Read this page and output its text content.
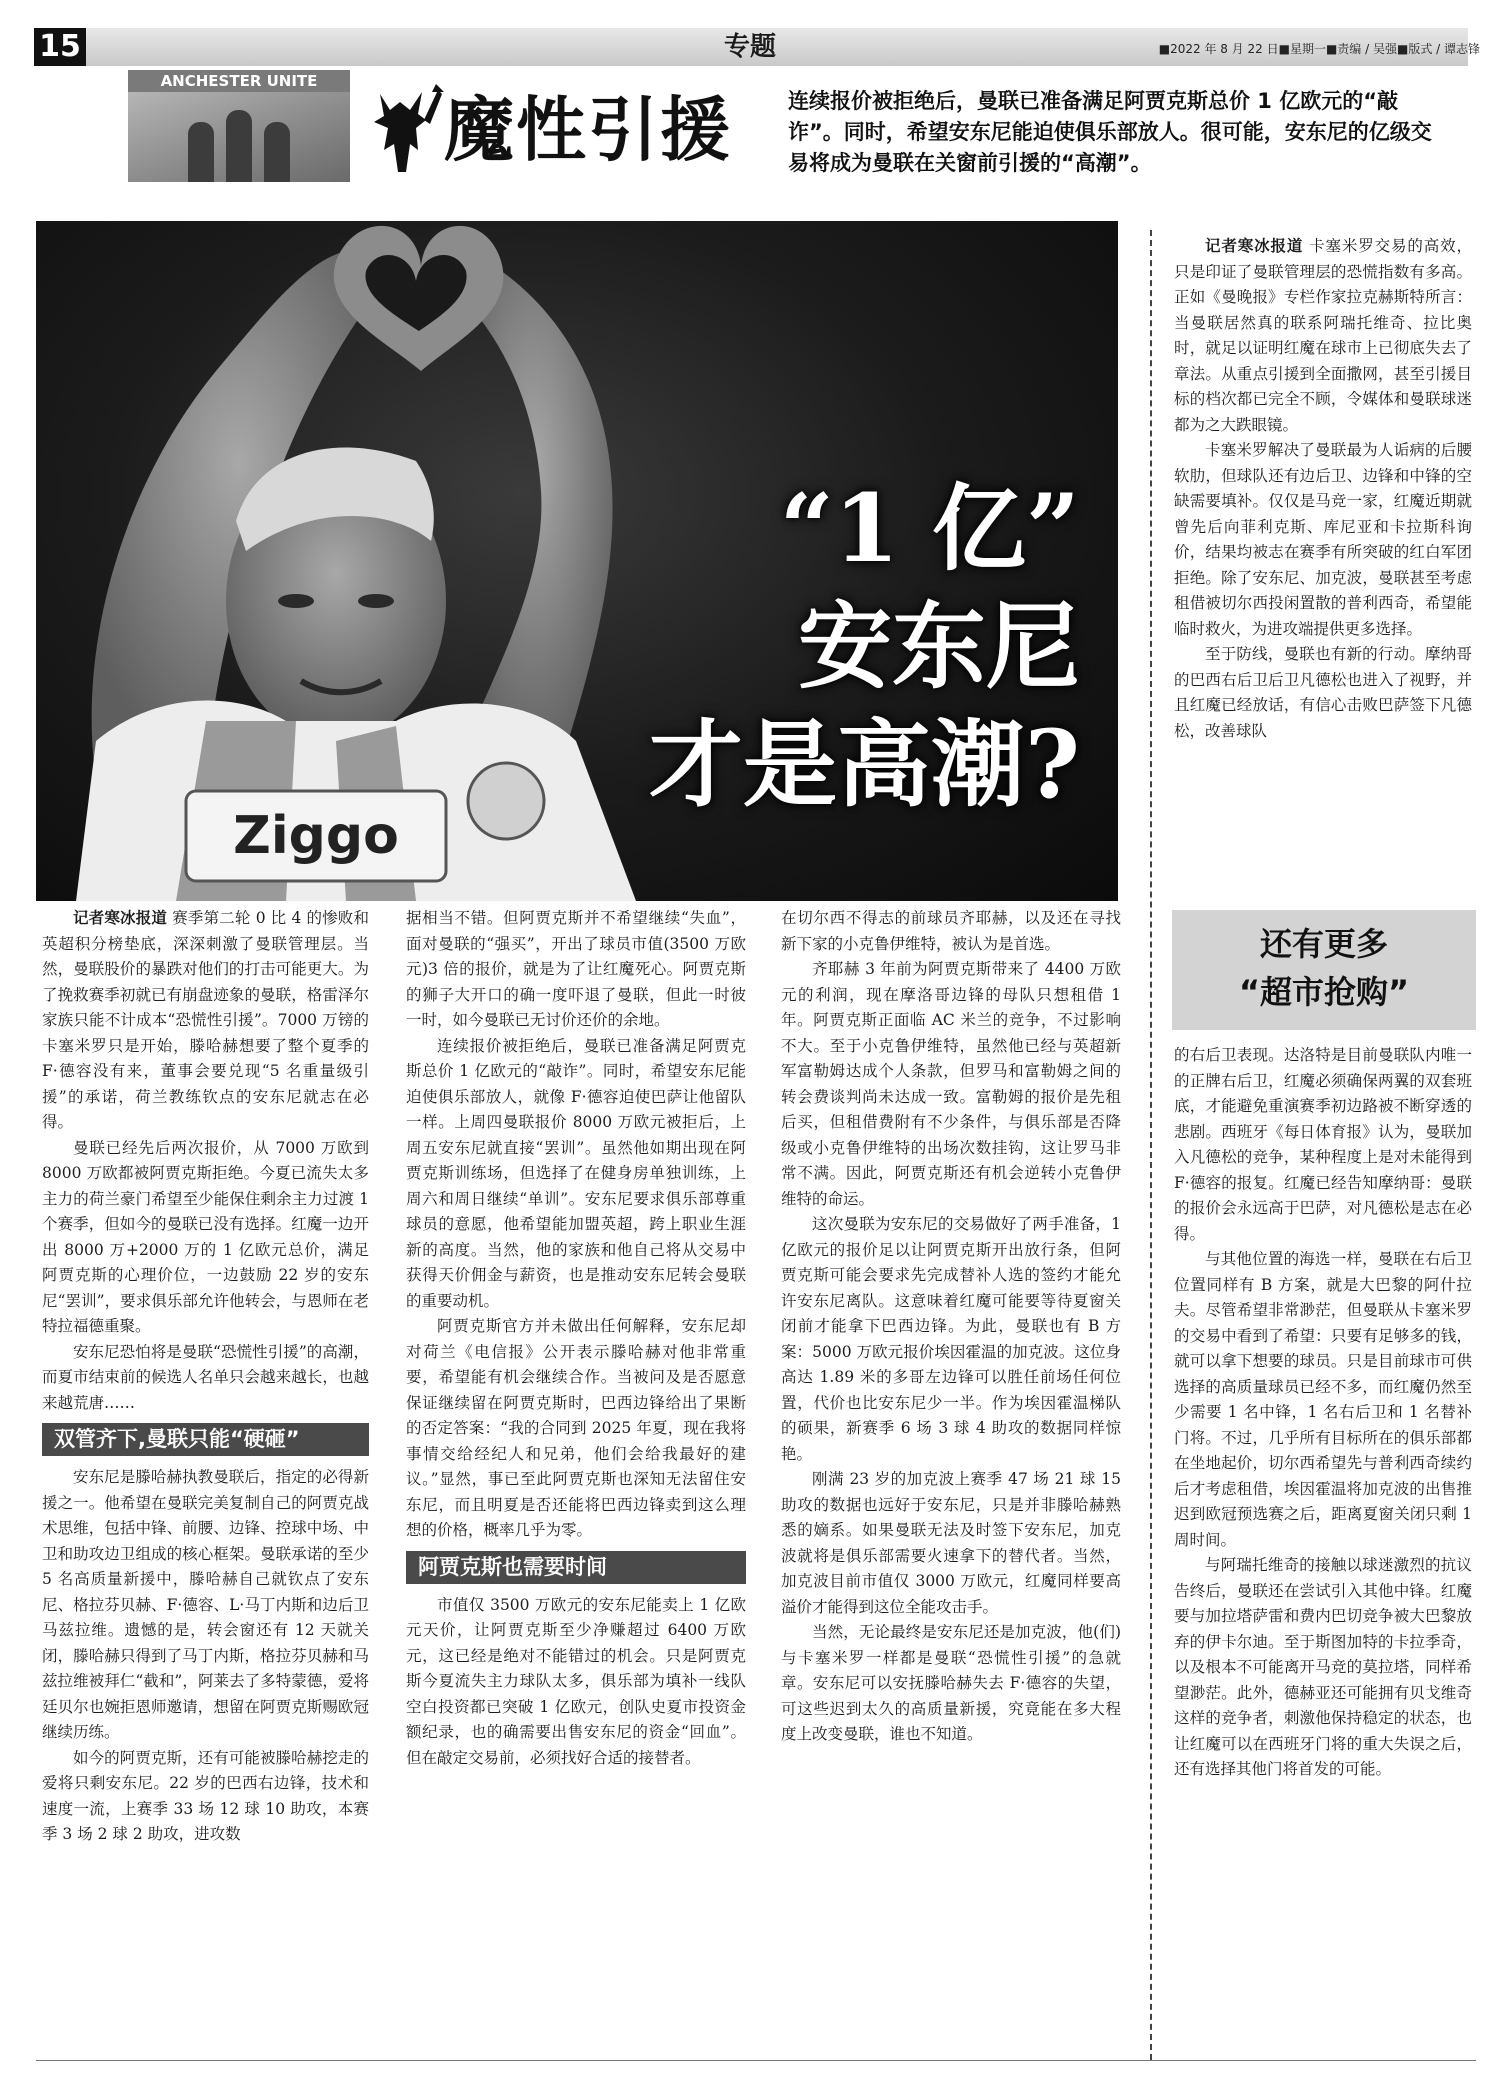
15	专题	■2022 年 8 月 22 日■星期一■责编 / 吴强■版式 / 谭志锋
ANCHESTER UNITE
魔性引援	连续报价被拒绝后，曼联已准备满足阿贾克斯总价 1 亿欧元的“敲诈”。同时，希望安东尼能迫使俱乐部放人。很可能，安东尼的亿级交易将成为曼联在关窗前引援的“高潮”。
Ziggo
“1 亿”
安东尼
才是高潮?

记者寒冰报道 赛季第二轮 0 比 4 的惨败和英超积分榜垫底，深深刺激了曼联管理层。当然，曼联股价的暴跌对他们的打击可能更大。为了挽救赛季初就已有崩盘迹象的曼联，格雷泽尔家族只能不计成本“恐慌性引援”。7000 万镑的卡塞米罗只是开始，滕哈赫想要了整个夏季的 F·德容没有来，董事会要兑现“5 名重量级引援”的承诺，荷兰教练钦点的安东尼就志在必得。

曼联已经先后两次报价，从 7000 万欧到 8000 万欧都被阿贾克斯拒绝。今夏已流失太多主力的荷兰豪门希望至少能保住剩余主力过渡 1 个赛季，但如今的曼联已没有选择。红魔一边开出 8000 万+2000 万的 1 亿欧元总价，满足阿贾克斯的心理价位，一边鼓励 22 岁的安东尼“罢训”，要求俱乐部允许他转会，与恩师在老特拉福德重聚。

安东尼恐怕将是曼联“恐慌性引援”的高潮，而夏市结束前的候选人名单只会越来越长，也越来越荒唐……

双管齐下,曼联只能“硬砸”

安东尼是滕哈赫执教曼联后，指定的必得新援之一。他希望在曼联完美复制自己的阿贾克战术思维，包括中锋、前腰、边锋、控球中场、中卫和助攻边卫组成的核心框架。曼联承诺的至少 5 名高质量新援中，滕哈赫自己就钦点了安东尼、格拉芬贝赫、F·德容、L·马丁内斯和边后卫马兹拉维。遗憾的是，转会窗还有 12 天就关闭，滕哈赫只得到了马丁内斯，格拉芬贝赫和马兹拉维被拜仁“截和”，阿莱去了多特蒙德，爱将廷贝尔也婉拒恩师邀请，想留在阿贾克斯赐欧冠继续历练。

如今的阿贾克斯，还有可能被滕哈赫挖走的爱将只剩安东尼。22 岁的巴西右边锋，技术和速度一流，上赛季 33 场 12 球 10 助攻，本赛季 3 场 2 球 2 助攻，进攻数

据相当不错。但阿贾克斯并不希望继续“失血”，面对曼联的“强买”，开出了球员市值(3500 万欧元)3 倍的报价，就是为了让红魔死心。阿贾克斯的狮子大开口的确一度吓退了曼联，但此一时彼一时，如今曼联已无讨价还价的余地。

连续报价被拒绝后，曼联已准备满足阿贾克斯总价 1 亿欧元的“敲诈”。同时，希望安东尼能迫使俱乐部放人，就像 F·德容迫使巴萨让他留队一样。上周四曼联报价 8000 万欧元被拒后，上周五安东尼就直接“罢训”。虽然他如期出现在阿贾克斯训练场，但选择了在健身房单独训练，上周六和周日继续“单训”。安东尼要求俱乐部尊重球员的意愿，他希望能加盟英超，跨上职业生涯新的高度。当然，他的家族和他自己将从交易中获得天价佣金与薪资，也是推动安东尼转会曼联的重要动机。

阿贾克斯官方并未做出任何解释，安东尼却对荷兰《电信报》公开表示滕哈赫对他非常重要，希望能有机会继续合作。当被问及是否愿意保证继续留在阿贾克斯时，巴西边锋给出了果断的否定答案：“我的合同到 2025 年夏，现在我将事情交给经纪人和兄弟，他们会给我最好的建议。”显然，事已至此阿贾克斯也深知无法留住安东尼，而且明夏是否还能将巴西边锋卖到这么理想的价格，概率几乎为零。

阿贾克斯也需要时间

市值仅 3500 万欧元的安东尼能卖上 1 亿欧元天价，让阿贾克斯至少净赚超过 6400 万欧元，这已经是绝对不能错过的机会。只是阿贾克斯今夏流失主力球队太多，俱乐部为填补一线队空白投资都已突破 1 亿欧元，创队史夏市投资金额纪录，也的确需要出售安东尼的资金“回血”。但在敲定交易前，必须找好合适的接替者。

在切尔西不得志的前球员齐耶赫，以及还在寻找新下家的小克鲁伊维特，被认为是首选。

齐耶赫 3 年前为阿贾克斯带来了 4400 万欧元的利润，现在摩洛哥边锋的母队只想租借 1 年。阿贾克斯正面临 AC 米兰的竞争，不过影响不大。至于小克鲁伊维特，虽然他已经与英超新军富勒姆达成个人条款，但罗马和富勒姆之间的转会费谈判尚未达成一致。富勒姆的报价是先租后买，但租借费附有不少条件，与俱乐部是否降级或小克鲁伊维特的出场次数挂钩，这让罗马非常不满。因此，阿贾克斯还有机会逆转小克鲁伊维特的命运。

这次曼联为安东尼的交易做好了两手准备，1 亿欧元的报价足以让阿贾克斯开出放行条，但阿贾克斯可能会要求先完成替补人选的签约才能允许安东尼离队。这意味着红魔可能要等待夏窗关闭前才能拿下巴西边锋。为此，曼联也有 B 方案：5000 万欧元报价埃因霍温的加克波。这位身高达 1.89 米的多哥左边锋可以胜任前场任何位置，代价也比安东尼少一半。作为埃因霍温梯队的硕果，新赛季 6 场 3 球 4 助攻的数据同样惊艳。

刚满 23 岁的加克波上赛季 47 场 21 球 15 助攻的数据也远好于安东尼，只是并非滕哈赫熟悉的嫡系。如果曼联无法及时签下安东尼，加克波就将是俱乐部需要火速拿下的替代者。当然，加克波目前市值仅 3000 万欧元，红魔同样要高溢价才能得到这位全能攻击手。

当然，无论最终是安东尼还是加克波，他(们)与卡塞米罗一样都是曼联“恐慌性引援”的急就章。安东尼可以安抚滕哈赫失去 F·德容的失望，可这些迟到太久的高质量新援，究竟能在多大程度上改变曼联，谁也不知道。

记者寒冰报道 卡塞米罗交易的高效，只是印证了曼联管理层的恐慌指数有多高。正如《曼晚报》专栏作家拉克赫斯特所言：当曼联居然真的联系阿瑞托维奇、拉比奥时，就足以证明红魔在球市上已彻底失去了章法。从重点引援到全面撒网，甚至引援目标的档次都已完全不顾，令媒体和曼联球迷都为之大跌眼镜。

卡塞米罗解决了曼联最为人诟病的后腰软肋，但球队还有边后卫、边锋和中锋的空缺需要填补。仅仅是马竞一家，红魔近期就曾先后向菲利克斯、库尼亚和卡拉斯科询价，结果均被志在赛季有所突破的红白军团拒绝。除了安东尼、加克波，曼联甚至考虑租借被切尔西投闲置散的普利西奇，希望能临时救火，为进攻端提供更多选择。

至于防线，曼联也有新的行动。摩纳哥的巴西右后卫后卫凡德松也进入了视野，并且红魔已经放话，有信心击败巴萨签下凡德松，改善球队

还有更多
“超市抢购”

的右后卫表现。达洛特是目前曼联队内唯一的正牌右后卫，红魔必须确保两翼的双套班底，才能避免重演赛季初边路被不断穿透的悲剧。西班牙《每日体育报》认为，曼联加入凡德松的竞争，某种程度上是对未能得到 F·德容的报复。红魔已经告知摩纳哥：曼联的报价会永远高于巴萨，对凡德松是志在必得。

与其他位置的海选一样，曼联在右后卫位置同样有 B 方案，就是大巴黎的阿什拉夫。尽管希望非常渺茫，但曼联从卡塞米罗的交易中看到了希望：只要有足够多的钱，就可以拿下想要的球员。只是目前球市可供选择的高质量球员已经不多，而红魔仍然至少需要 1 名中锋，1 名右后卫和 1 名替补门将。不过，几乎所有目标所在的俱乐部都在坐地起价，切尔西希望先与普利西奇续约后才考虑租借，埃因霍温将加克波的出售推迟到欧冠预选赛之后，距离夏窗关闭只剩 1 周时间。

与阿瑞托维奇的接触以球迷激烈的抗议告终后，曼联还在尝试引入其他中锋。红魔要与加拉塔萨雷和费内巴切竞争被大巴黎放弃的伊卡尔迪。至于斯图加特的卡拉季奇，以及根本不可能离开马竞的莫拉塔，同样希望渺茫。此外，德赫亚还可能拥有贝戈维奇这样的竞争者，刺激他保持稳定的状态，也让红魔可以在西班牙门将的重大失误之后，还有选择其他门将首发的可能。
